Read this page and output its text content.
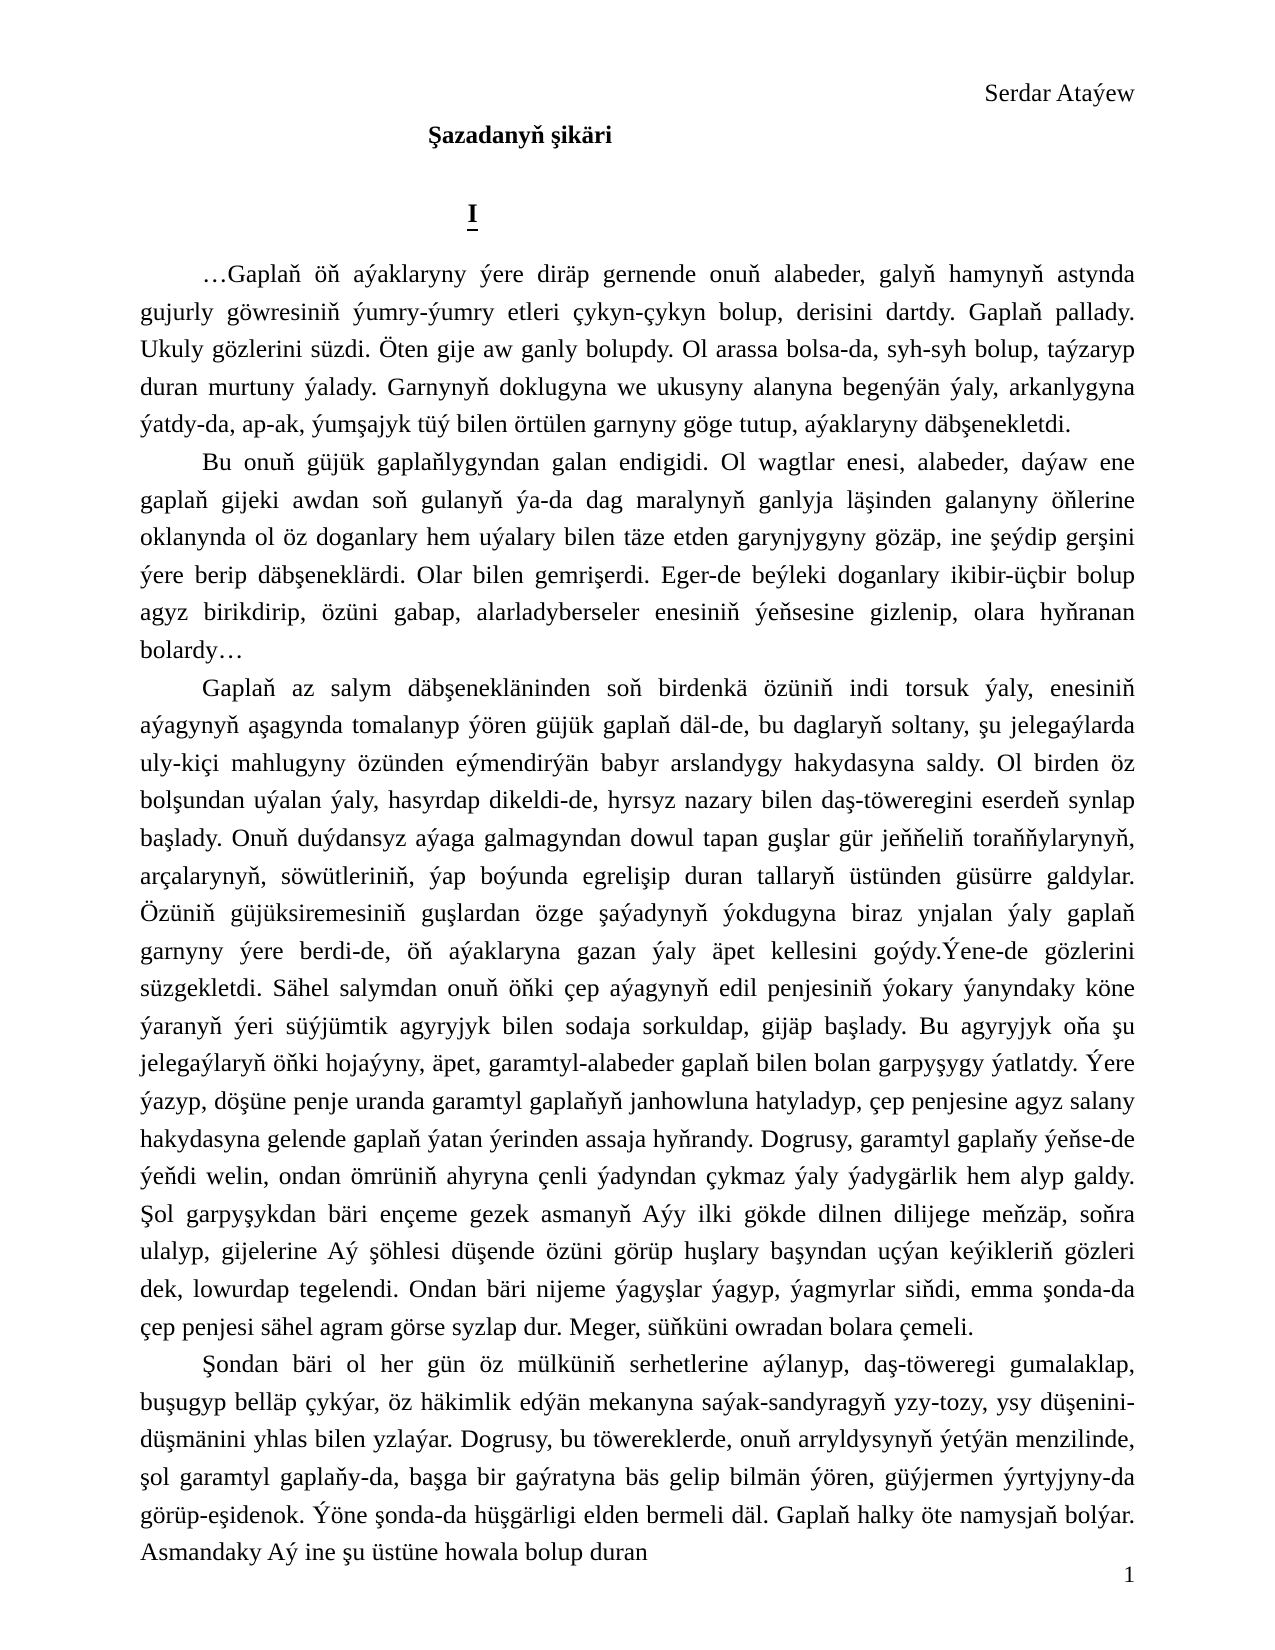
Serdar Ataýew
Şazadanyň şikäri
I

…Gaplaň öň aýaklaryny ýere diräp gernende onuň alabeder, galyň hamynyň astynda gujurly göwresiniň ýumry-ýumry etleri çykyn-çykyn bolup, derisini dartdy. Gaplaň pallady. Ukuly gözlerini süzdi. Öten gije aw ganly bolupdy. Ol arassa bolsa-da, syh-syh bolup, taýzaryp duran murtuny ýalady. Garnynyň doklugyna we ukusyny alanyna begenýän ýaly, arkanlygyna ýatdy-da, ap-ak, ýumşajyk tüý bilen örtülen garnyny göge tutup, aýaklaryny däbşenekletdi.

Bu onuň güjük gaplaňlygyndan galan endigidi. Ol wagtlar enesi, alabeder, daýaw ene gaplaň gijeki awdan soň gulanyň ýa-da dag maralynyň ganlyja läşinden galanyny öňlerine oklanynda ol öz doganlary hem uýalary bilen täze etden garynjygyny gözäp, ine şeýdip gerşini ýere berip däbşeneklärdi. Olar bilen gemrişerdi. Eger-de beýleki doganlary ikibir-üçbir bolup agyz birikdirip, özüni gabap, alarladyberseler enesiniň ýeňsesine gizlenip, olara hyňranan bolardy…

Gaplaň az salym däbşenekläninden soň birdenkä özüniň indi torsuk ýaly, enesiniň aýagynyň aşagynda tomalanyp ýören güjük gaplaň däl-de, bu daglaryň soltany, şu jelegaýlarda uly-kiçi mahlugyny özünden eýmendirýän babyr arslandygy hakydasyna saldy. Ol birden öz bolşundan uýalan ýaly, hasyrdap dikeldi-de, hyrsyz nazary bilen daş-töweregini eserdeň synlap başlady. Onuň duýdansyz aýaga galmagyndan dowul tapan guşlar gür jeňňeliň toraňňylarynyň, arçalarynyň, söwütleriniň, ýap boýunda egrelişip duran tallaryň üstünden güsürre galdylar. Özüniň güjüksiremesiniň guşlardan özge şaýadynyň ýokdugyna biraz ynjalan ýaly gaplaň garnyny ýere berdi-de, öň aýaklaryna gazan ýaly äpet kellesini goýdy.Ýene-de gözlerini süzgekletdi. Sähel salymdan onuň öňki çep aýagynyň edil penjesiniň ýokary ýanyndaky köne ýaranyň ýeri süýjümtik agyryjyk bilen sodaja sorkuldap, gijäp başlady. Bu agyryjyk oňa şu jelegaýlaryň öňki hojaýyny, äpet, garamtyl-alabeder gaplaň bilen bolan garpyşygy ýatlatdy. Ýere ýazyp, döşüne penje uranda garamtyl gaplaňyň janhowluna hatyladyp, çep penjesine agyz salany hakydasyna gelende gaplaň ýatan ýerinden assaja hyňrandy. Dogrusy, garamtyl gaplaňy ýeňse-de ýeňdi welin, ondan ömrüniň ahyryna çenli ýadyndan çykmaz ýaly ýadygärlik hem alyp galdy. Şol garpyşykdan bäri ençeme gezek asmanyň Aýy ilki gökde dilnen dilijege meňzäp, soňra ulalyp, gijelerine Aý şöhlesi düşende özüni görüp huşlary başyndan uçýan keýikleriň gözleri dek, lowurdap tegelendi. Ondan bäri nijeme ýagyşlar ýagyp, ýagmyrlar siňdi, emma şonda-da çep penjesi sähel agram görse syzlap dur. Meger, süňküni owradan bolara çemeli.

Şondan bäri ol her gün öz mülküniň serhetlerine aýlanyp, daş-töweregi gumalaklap, buşugyp belläp çykýar, öz häkimlik edýän mekanyna saýak-sandyragyň yzy-tozy, ysy düşenini-düşmänini yhlas bilen yzlaýar. Dogrusy, bu töwereklerde, onuň arryldysynyň ýetýän menzilinde, şol garamtyl gaplaňy-da, başga bir gaýratyna bäs gelip bilmän ýören, güýjermen ýyrtyjyny-da görüp-eşidenok. Ýöne şonda-da hüşgärligi elden bermeli däl. Gaplaň halky öte namysjaň bolýar. Asmandaky Aý ine şu üstüne howala bolup duran

1
